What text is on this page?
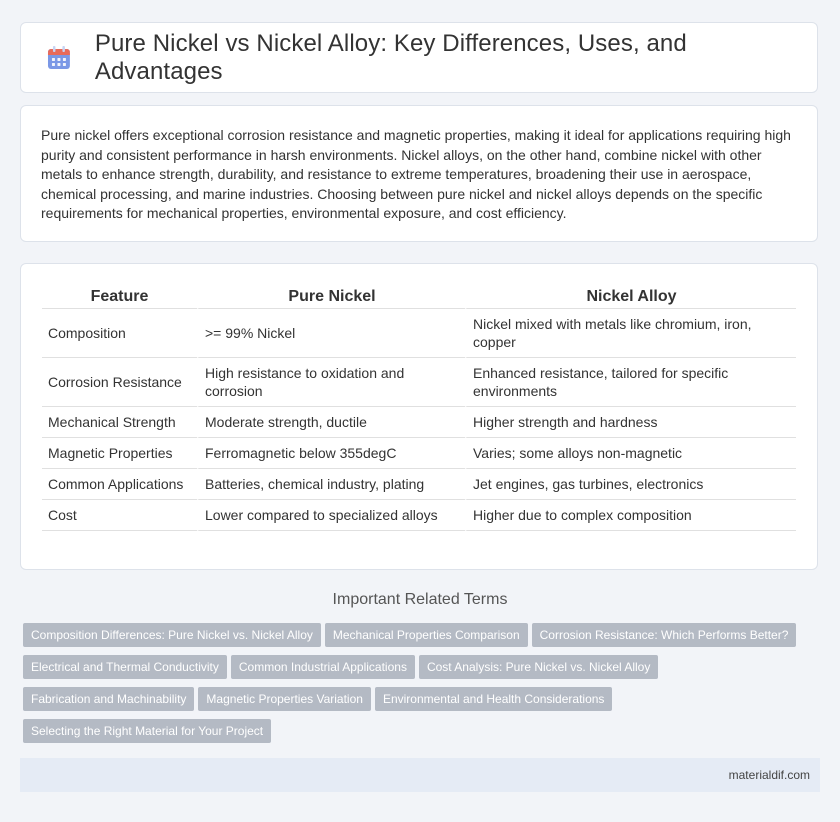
Pure Nickel vs Nickel Alloy: Key Differences, Uses, and Advantages

Pure nickel offers exceptional corrosion resistance and magnetic properties, making it ideal for applications requiring high purity and consistent performance in harsh environments. Nickel alloys, on the other hand, combine nickel with other metals to enhance strength, durability, and resistance to extreme temperatures, broadening their use in aerospace, chemical processing, and marine industries. Choosing between pure nickel and nickel alloys depends on the specific requirements for mechanical properties, environmental exposure, and cost efficiency.

Feature	Pure Nickel	Nickel Alloy
Composition	>= 99% Nickel	Nickel mixed with metals like chromium, iron, copper
Corrosion Resistance	High resistance to oxidation and corrosion	Enhanced resistance, tailored for specific environments
Mechanical Strength	Moderate strength, ductile	Higher strength and hardness
Magnetic Properties	Ferromagnetic below 355degC	Varies; some alloys non-magnetic
Common Applications	Batteries, chemical industry, plating	Jet engines, gas turbines, electronics
Cost	Lower compared to specialized alloys	Higher due to complex composition
Important Related Terms
Composition Differences: Pure Nickel vs. Nickel Alloy Mechanical Properties Comparison Corrosion Resistance: Which Performs Better?Electrical and Thermal Conductivity Common Industrial Applications Cost Analysis: Pure Nickel vs. Nickel AlloyFabrication and Machinability Magnetic Properties Variation Environmental and Health ConsiderationsSelecting the Right Material for Your Project
materialdif.com
